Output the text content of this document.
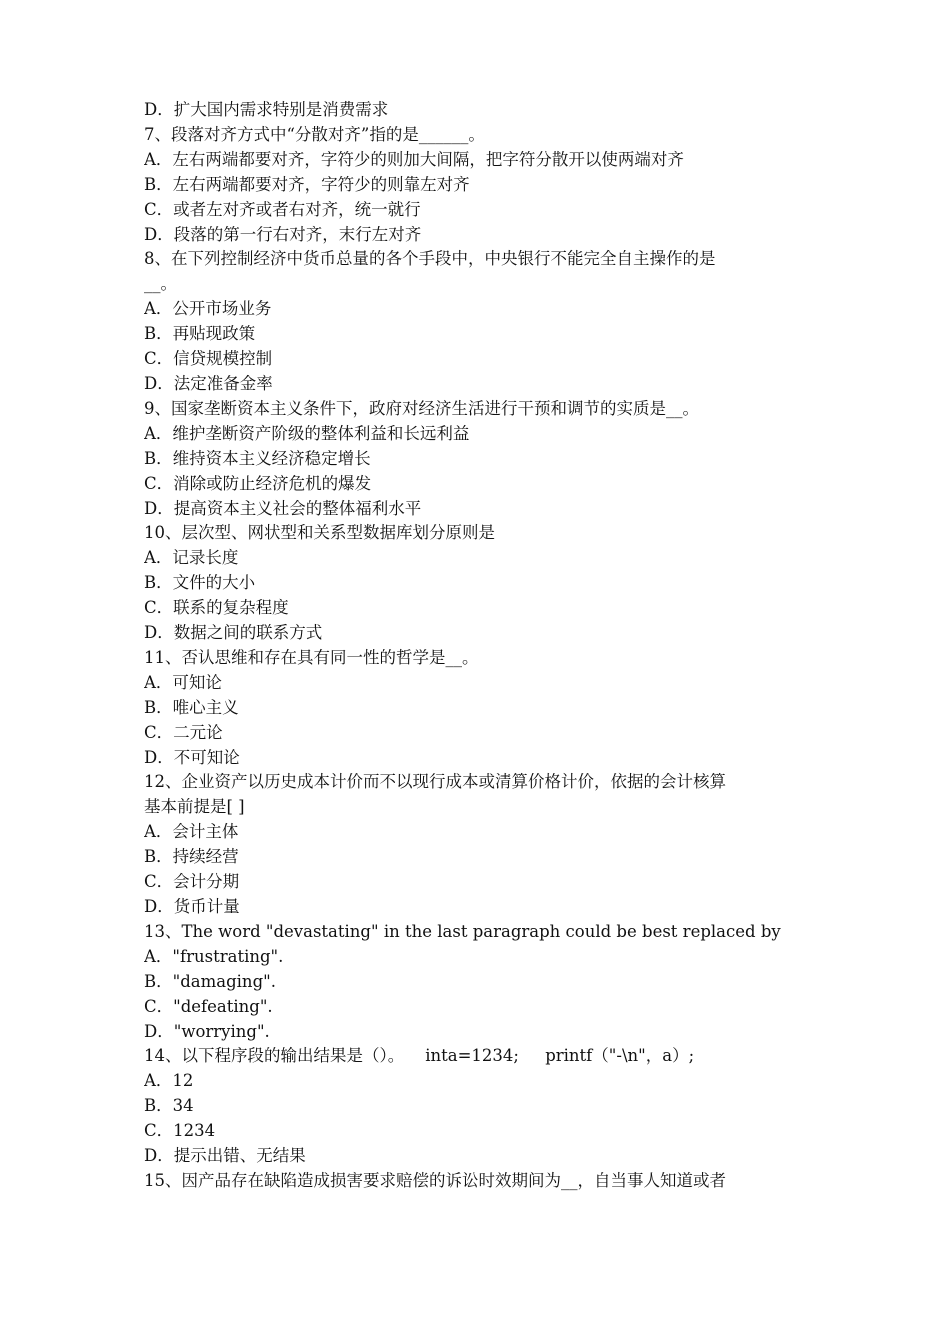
D．扩大国内需求特别是消费需求
7、段落对齐方式中“分散对齐”指的是______。
A．左右两端都要对齐，字符少的则加大间隔，把字符分散开以使两端对齐
B．左右两端都要对齐，字符少的则靠左对齐
C．或者左对齐或者右对齐，统一就行
D．段落的第一行右对齐，末行左对齐
8、在下列控制经济中货币总量的各个手段中，中央银行不能完全自主操作的是
__。
A．公开市场业务
B．再贴现政策
C．信贷规模控制
D．法定准备金率
9、国家垄断资本主义条件下，政府对经济生活进行干预和调节的实质是__。
A．维护垄断资产阶级的整体利益和长远利益
B．维持资本主义经济稳定增长
C．消除或防止经济危机的爆发
D．提高资本主义社会的整体福利水平
10、层次型、网状型和关系型数据库划分原则是
A．记录长度
B．文件的大小
C．联系的复杂程度
D．数据之间的联系方式
11、否认思维和存在具有同一性的哲学是__。
A．可知论
B．唯心主义
C．二元论
D．不可知论
12、企业资产以历史成本计价而不以现行成本或清算价格计价，依据的会计核算
基本前提是[ ]
A．会计主体
B．持续经营
C．会计分期
D．货币计量
13、The word "devastating" in the last paragraph could be best replaced by
A．"frustrating".
B．"damaging".
C．"defeating".
D．"worrying".
14、以下程序段的输出结果是（）。    inta=1234;     printf（"-\n"，a）;
A．12
B．34
C．1234
D．提示出错、无结果
15、因产品存在缺陷造成损害要求赔偿的诉讼时效期间为__，自当事人知道或者
